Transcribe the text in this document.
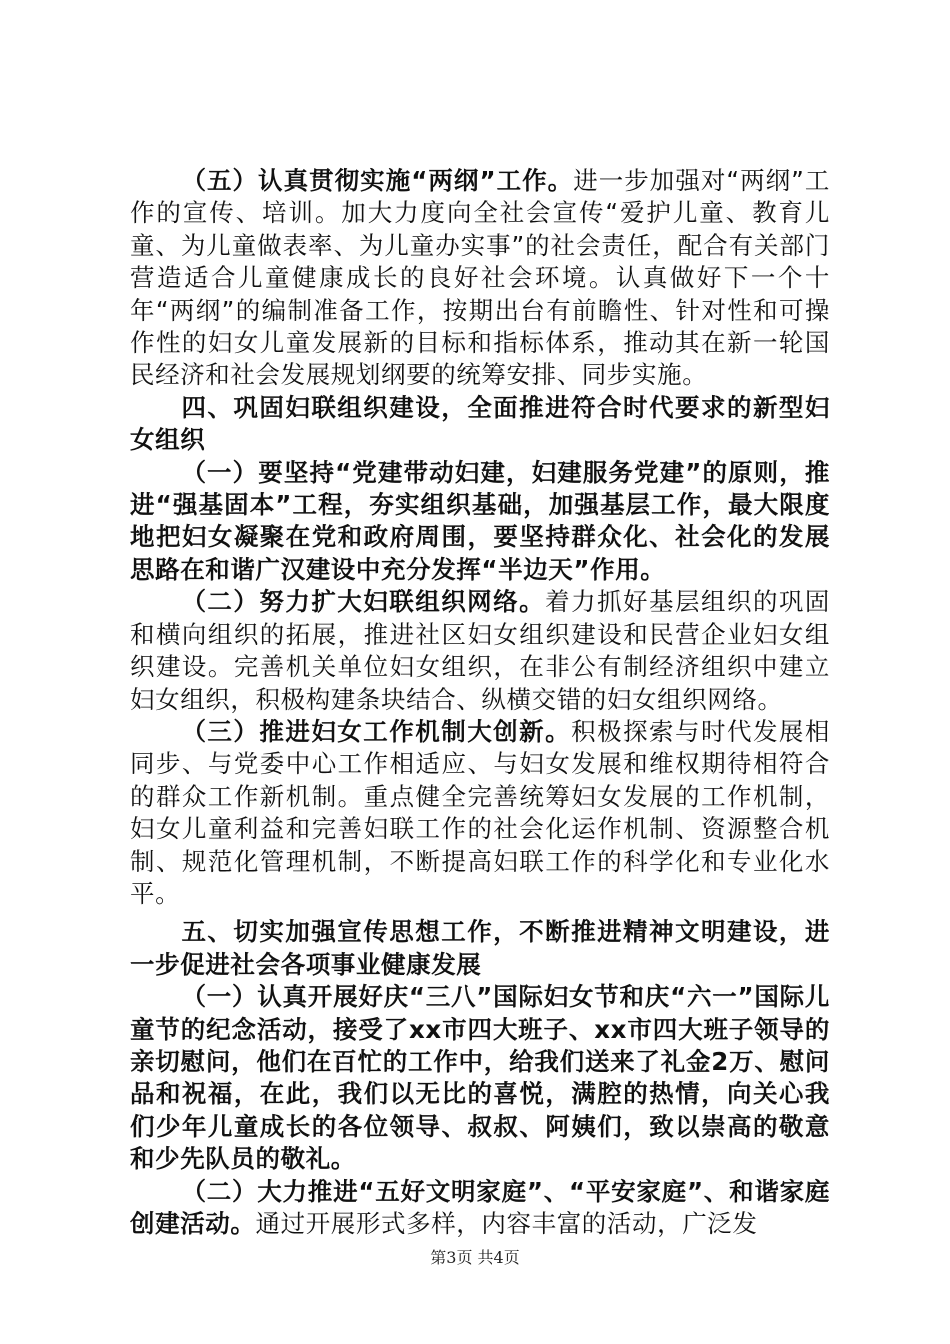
（五）认真贯彻实施“两纲”工作。进一步加强对“两纲”工作的宣传、培训。加大力度向全社会宣传“爱护儿童、教育儿童、为儿童做表率、为儿童办实事”的社会责任，配合有关部门营造适合儿童健康成长的良好社会环境。认真做好下一个十年“两纲”的编制准备工作，按期出台有前瞻性、针对性和可操作性的妇女儿童发展新的目标和指标体系，推动其在新一轮国民经济和社会发展规划纲要的统筹安排、同步实施。

四、巩固妇联组织建设，全面推进符合时代要求的新型妇女组织

（一）要坚持“党建带动妇建，妇建服务党建”的原则，推进“强基固本”工程，夯实组织基础，加强基层工作，最大限度地把妇女凝聚在党和政府周围，要坚持群众化、社会化的发展思路在和谐广汉建设中充分发挥“半边天”作用。

（二）努力扩大妇联组织网络。着力抓好基层组织的巩固和横向组织的拓展，推进社区妇女组织建设和民营企业妇女组织建设。完善机关单位妇女组织，在非公有制经济组织中建立妇女组织，积极构建条块结合、纵横交错的妇女组织网络。

（三）推进妇女工作机制大创新。积极探索与时代发展相同步、与党委中心工作相适应、与妇女发展和维权期待相符合的群众工作新机制。重点健全完善统筹妇女发展的工作机制，妇女儿童利益和完善妇联工作的社会化运作机制、资源整合机制、规范化管理机制，不断提高妇联工作的科学化和专业化水平。

五、切实加强宣传思想工作，不断推进精神文明建设，进一步促进社会各项事业健康发展

（一）认真开展好庆“三八”国际妇女节和庆“六一”国际儿童节的纪念活动，接受了xx市四大班子、xx市四大班子领导的亲切慰问，他们在百忙的工作中，给我们送来了礼金2万、慰问品和祝福，在此，我们以无比的喜悦，满腔的热情，向关心我们少年儿童成长的各位领导、叔叔、阿姨们，致以崇高的敬意和少先队员的敬礼。

（二）大力推进“五好文明家庭”、“平安家庭”、和谐家庭创建活动。通过开展形式多样，内容丰富的活动，广泛发

第3页 共4页
